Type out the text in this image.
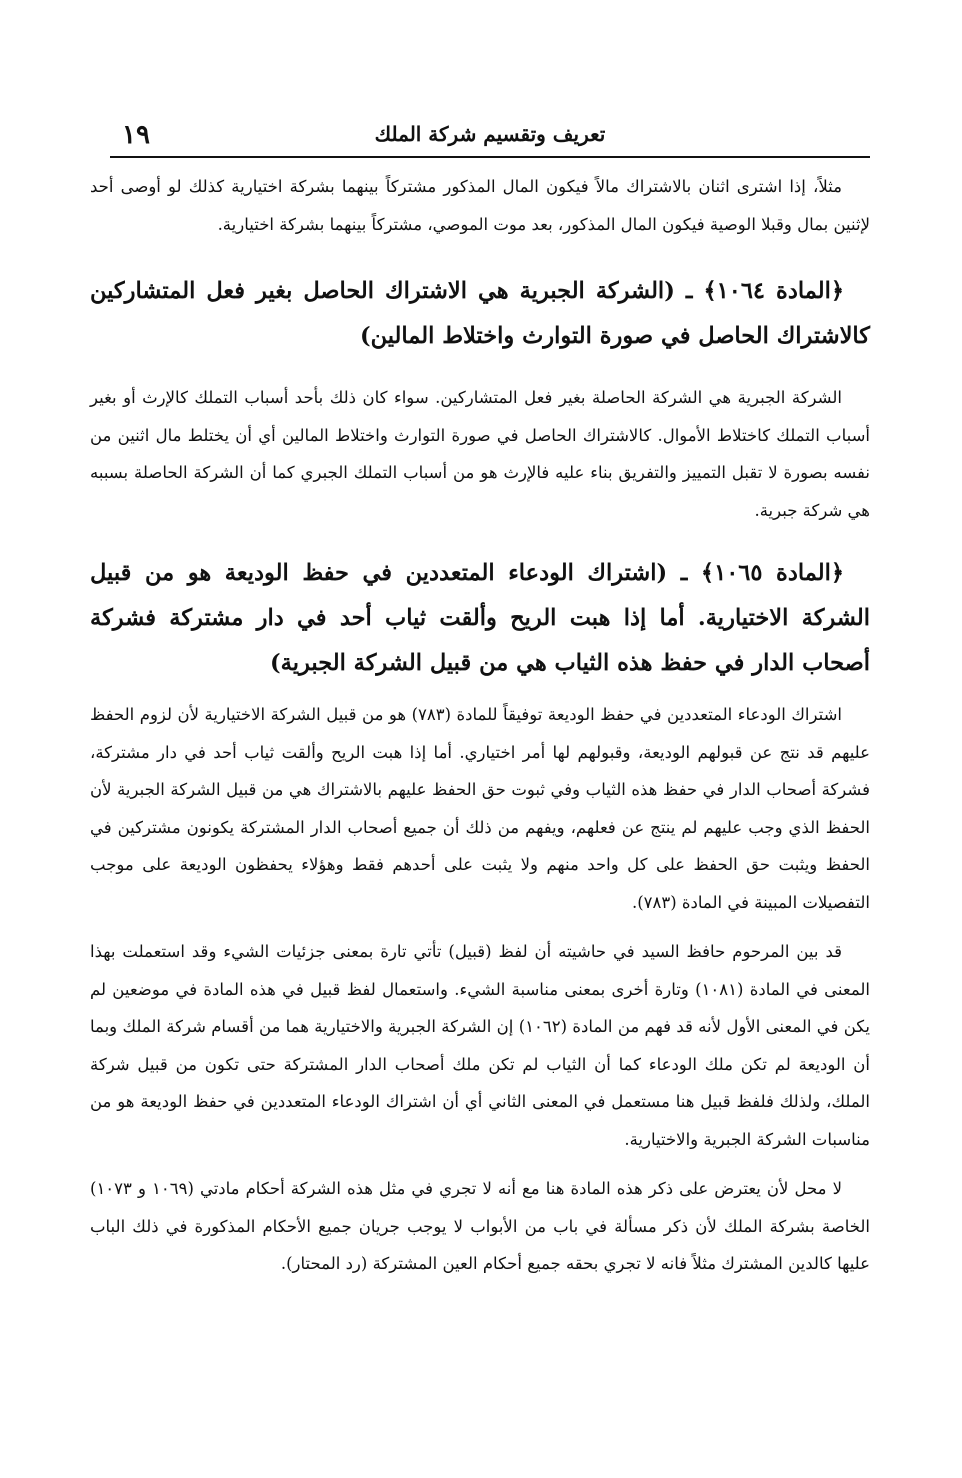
تعريف وتقسيم شركة الملك
١٩

مثلاً، إذا اشترى اثنان بالاشتراك مالاً فيكون المال المذكور مشتركاً بينهما بشركة اختيارية كذلك لو أوصى أحد لإثنين بمال وقبلا الوصية فيكون المال المذكور، بعد موت الموصي، مشتركاً بينهما بشركة اختيارية.

﴿المادة ١٠٦٤﴾ ـ (الشركة الجبرية هي الاشتراك الحاصل بغير فعل المتشاركين كالاشتراك الحاصل في صورة التوارث واختلاط المالين)

الشركة الجبرية هي الشركة الحاصلة بغير فعل المتشاركين. سواء كان ذلك بأحد أسباب التملك كالإرث أو بغير أسباب التملك كاختلاط الأموال. كالاشتراك الحاصل في صورة التوارث واختلاط المالين أي أن يختلط مال اثنين من نفسه بصورة لا تقبل التمييز والتفريق بناء عليه فالإرث هو من أسباب التملك الجبري كما أن الشركة الحاصلة بسببه هي شركة جبرية.

﴿المادة ١٠٦٥﴾ ـ (اشتراك الودعاء المتعددين في حفظ الوديعة هو من قبيل الشركة الاختيارية. أما إذا هبت الريح وألقت ثياب أحد في دار مشتركة فشركة أصحاب الدار في حفظ هذه الثياب هي من قبيل الشركة الجبرية)

اشتراك الودعاء المتعددين في حفظ الوديعة توفيقاً للمادة (٧٨٣) هو من قبيل الشركة الاختيارية لأن لزوم الحفظ عليهم قد نتج عن قبولهم الوديعة، وقبولهم لها أمر اختياري. أما إذا هبت الريح وألقت ثياب أحد في دار مشتركة، فشركة أصحاب الدار في حفظ هذه الثياب وفي ثبوت حق الحفظ عليهم بالاشتراك هي من قبيل الشركة الجبرية لأن الحفظ الذي وجب عليهم لم ينتج عن فعلهم، ويفهم من ذلك أن جميع أصحاب الدار المشتركة يكونون مشتركين في الحفظ ويثبت حق الحفظ على كل واحد منهم ولا يثبت على أحدهم فقط وهؤلاء يحفظون الوديعة على موجب التفصيلات المبينة في المادة (٧٨٣).

قد بين المرحوم حافظ السيد في حاشيته أن لفظ (قبيل) تأتي تارة بمعنى جزئيات الشيء وقد استعملت بهذا المعنى في المادة (١٠٨١) وتارة أخرى بمعنى مناسبة الشيء. واستعمال لفظ قبيل في هذه المادة في موضعين لم يكن في المعنى الأول لأنه قد فهم من المادة (١٠٦٢) إن الشركة الجبرية والاختيارية هما من أقسام شركة الملك وبما أن الوديعة لم تكن ملك الودعاء كما أن الثياب لم تكن ملك أصحاب الدار المشتركة حتى تكون من قبيل شركة الملك، ولذلك فلفظ قبيل هنا مستعمل في المعنى الثاني أي أن اشتراك الودعاء المتعددين في حفظ الوديعة هو من مناسبات الشركة الجبرية والاختيارية.

لا محل لأن يعترض على ذكر هذه المادة هنا مع أنه لا تجري في مثل هذه الشركة أحكام مادتي (١٠٦٩ و ١٠٧٣) الخاصة بشركة الملك لأن ذكر مسألة في باب من الأبواب لا يوجب جريان جميع الأحكام المذكورة في ذلك الباب عليها كالدين المشترك مثلاً فانه لا تجري بحقه جميع أحكام العين المشتركة (رد المحتار).
